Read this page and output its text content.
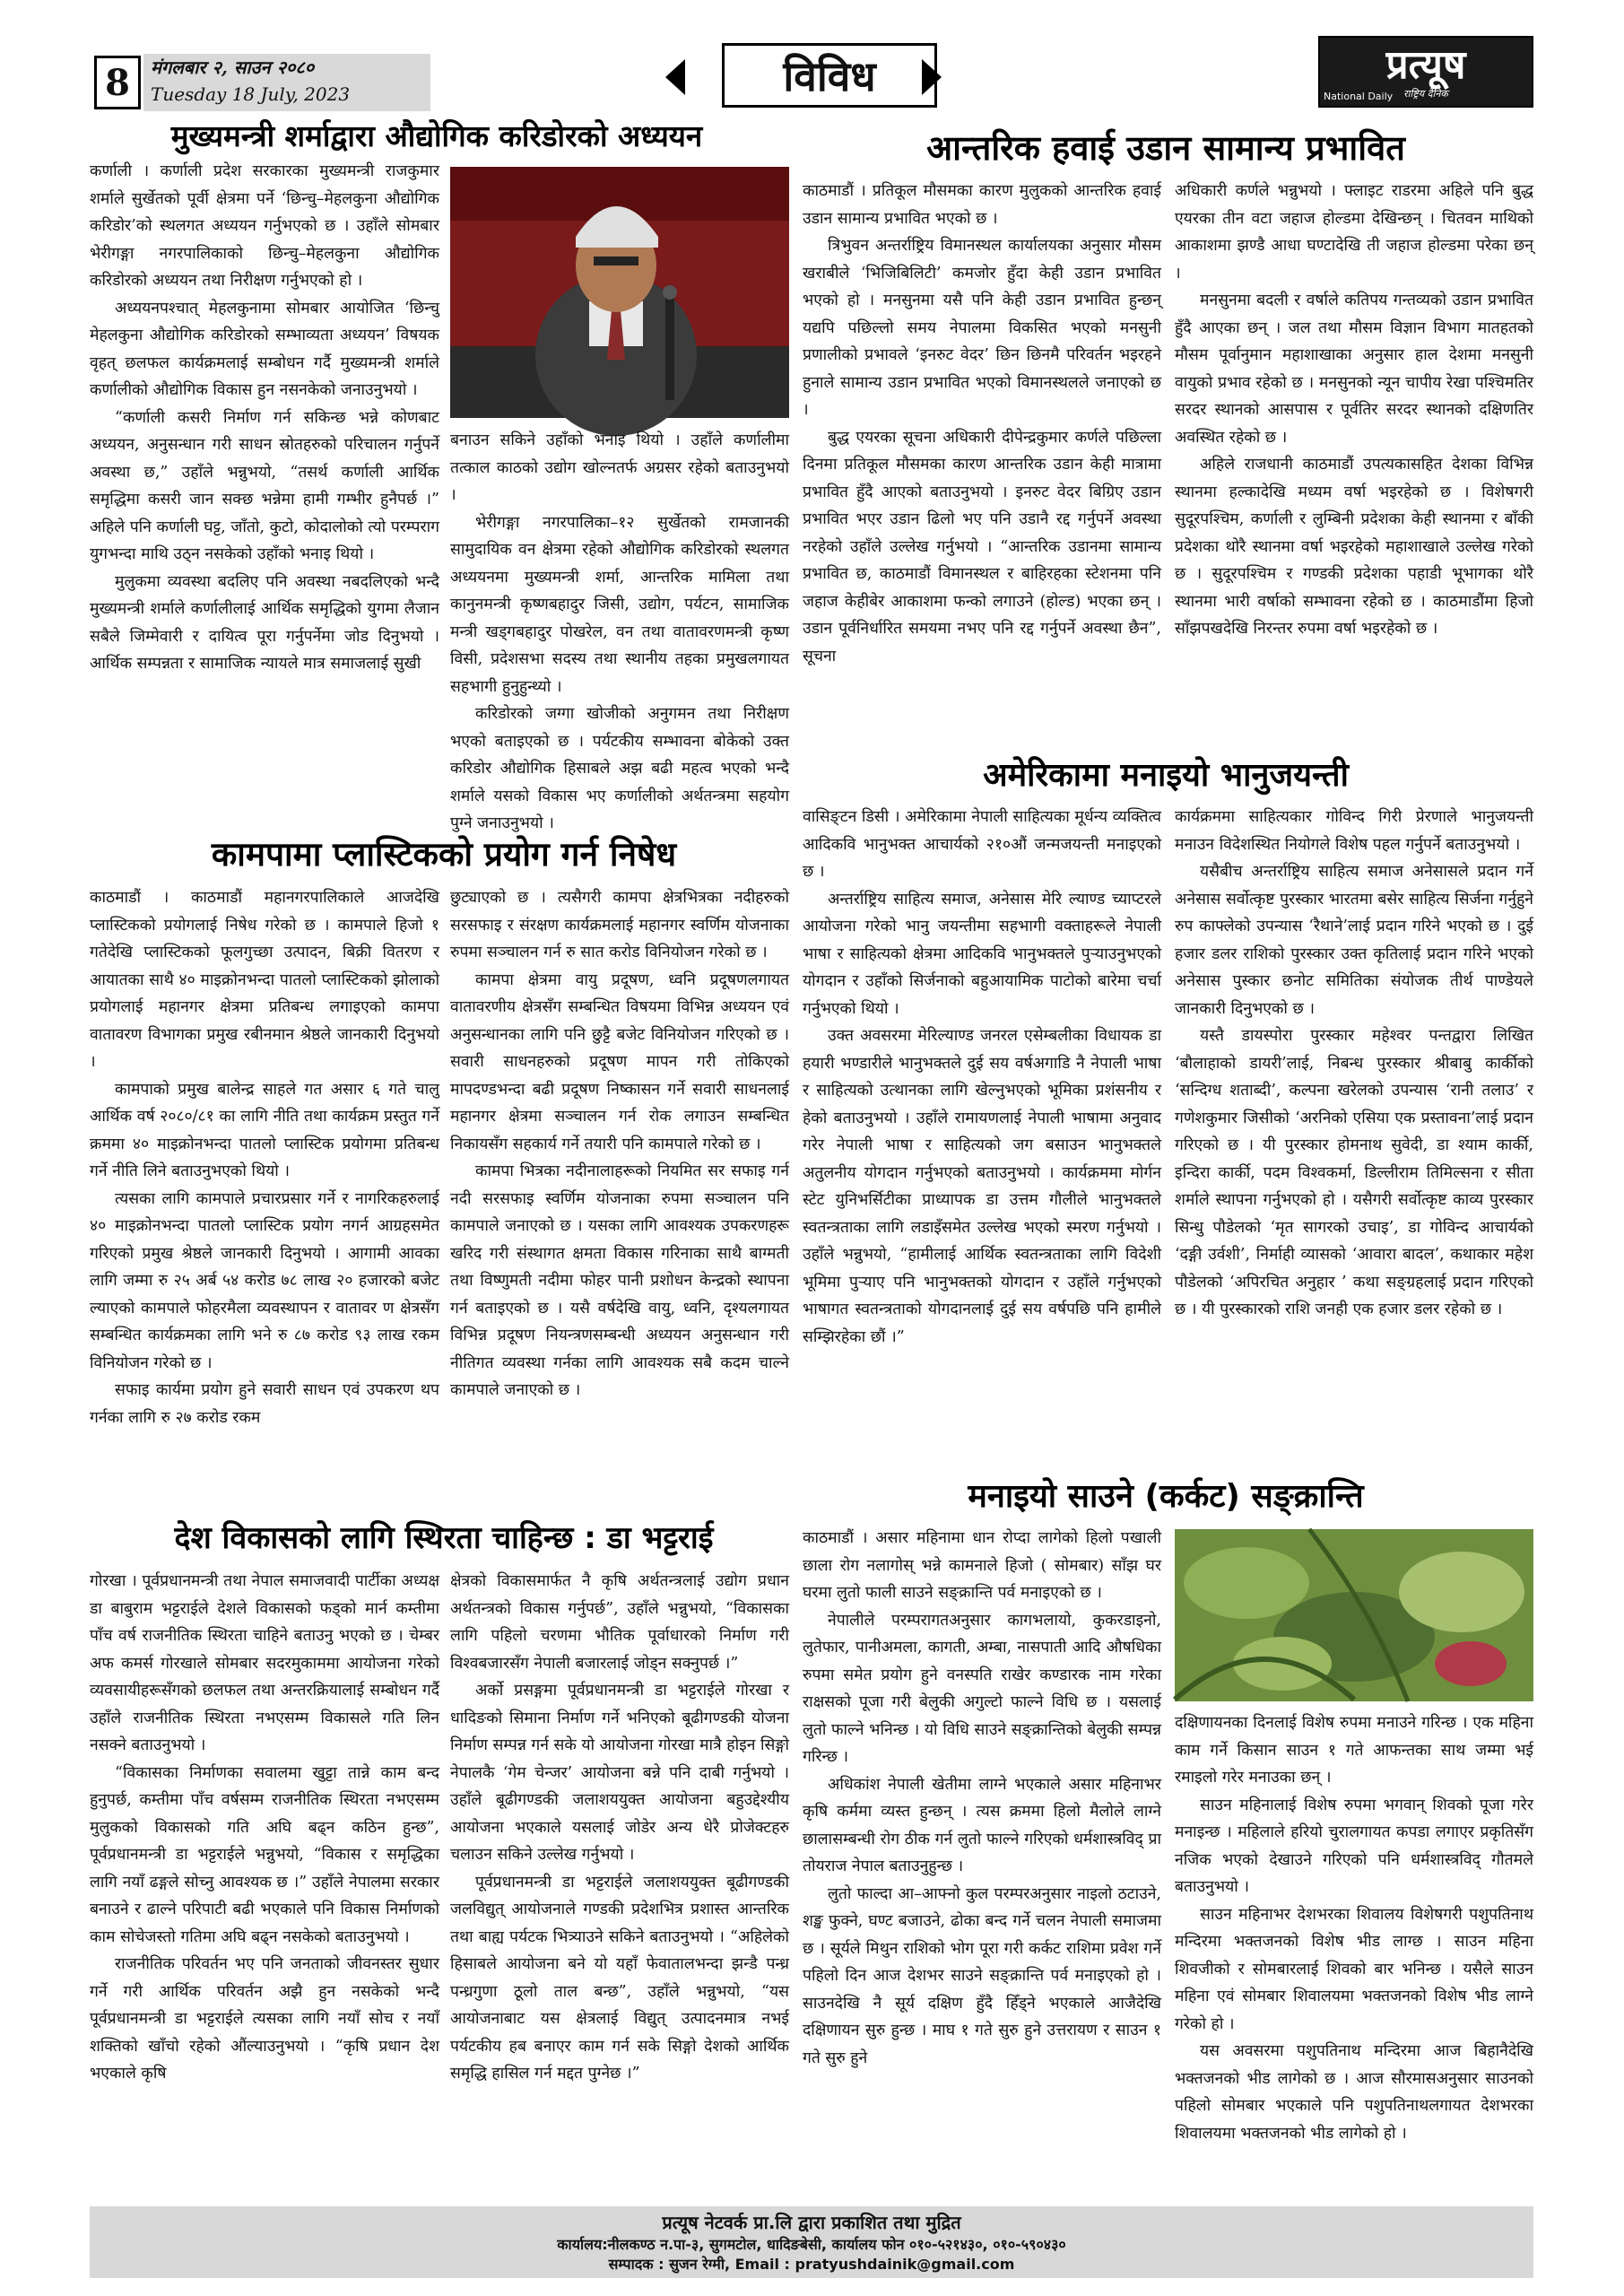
8	मंगलबार २, साउन २०८०
Tuesday 18 July, 2023	विविध	प्रत्यूष
राष्ट्रिय दैनिक
National Daily
मुख्यमन्त्री शर्माद्वारा औद्योगिक करिडोरको अध्ययन

कर्णाली । कर्णाली प्रदेश सरकारका मुख्यमन्त्री राजकुमार शर्माले सुर्खेतको पूर्वी क्षेत्रमा पर्ने ‘छिन्चु–मेहलकुना औद्योगिक करिडोर’को स्थलगत अध्ययन गर्नुभएको छ । उहाँले सोमबार भेरीगङ्गा नगरपालिकाको छिन्चु–मेहलकुना औद्योगिक करिडोरको अध्ययन तथा निरीक्षण गर्नुभएको हो ।

अध्ययनपश्चात् मेहलकुनामा सोमबार आयोजित ‘छिन्चु मेहलकुना औद्योगिक करिडोरको सम्भाव्यता अध्ययन’ विषयक वृहत् छलफल कार्यक्रमलाई सम्बोधन गर्दै मुख्यमन्त्री शर्माले कर्णालीको औद्योगिक विकास हुन नसनकेको जनाउनुभयो ।

“कर्णाली कसरी निर्माण गर्न सकिन्छ भन्ने कोणबाट अध्ययन, अनुसन्धान गरी साधन स्रोतहरुको परिचालन गर्नुपर्ने अवस्था छ,” उहाँले भन्नुभयो, “तसर्थ कर्णाली आर्थिक समृद्धिमा कसरी जान सक्छ भन्नेमा हामी गम्भीर हुनैपर्छ ।” अहिले पनि कर्णाली घट्ट, जाँतो, कुटो, कोदालोको त्यो परम्पराग युगभन्दा माथि उठ्न नसकेको उहाँको भनाइ थियो ।

मुलुकमा व्यवस्था बदलिए पनि अवस्था नबदलिएको भन्दै मुख्यमन्त्री शर्माले कर्णालीलाई आर्थिक समृद्धिको युगमा लैजान सबैले जिम्मेवारी र दायित्व पूरा गर्नुपर्नेमा जोड दिनुभयो । आर्थिक सम्पन्नता र सामाजिक न्यायले मात्र समाजलाई सुखी

बनाउन सकिने उहाँको भनाइ थियो । उहाँले कर्णालीमा तत्काल काठको उद्योग खोल्नतर्फ अग्रसर रहेको बताउनुभयो ।

भेरीगङ्गा नगरपालिका–१२ सुर्खेतको रामजानकी सामुदायिक वन क्षेत्रमा रहेको औद्योगिक करिडोरको स्थलगत अध्ययनमा मुख्यमन्त्री शर्मा, आन्तरिक मामिला तथा कानुनमन्त्री कृष्णबहादुर जिसी, उद्योग, पर्यटन, सामाजिक मन्त्री खड्गबहादुर पोखरेल, वन तथा वातावरणमन्त्री कृष्ण विसी, प्रदेशसभा सदस्य तथा स्थानीय तहका प्रमुखलगायत सहभागी हुनुहुन्थ्यो ।

करिडोरको जग्गा खोजीको अनुगमन तथा निरीक्षण भएको बताइएको छ । पर्यटकीय सम्भावना बोकेको उक्त करिडोर औद्योगिक हिसाबले अझ बढी महत्व भएको भन्दै शर्माले यसको विकास भए कर्णालीको अर्थतन्त्रमा सहयोग पुग्ने जनाउनुभयो ।

आन्तरिक हवाई उडान सामान्य प्रभावित

काठमाडौं । प्रतिकूल मौसमका कारण मुलुकको आन्तरिक हवाई उडान सामान्य प्रभावित भएको छ ।

त्रिभुवन अन्तर्राष्ट्रिय विमानस्थल कार्यालयका अनुसार मौसम खराबीले ‘भिजिबिलिटी’ कमजोर हुँदा केही उडान प्रभावित भएको हो । मनसुनमा यसै पनि केही उडान प्रभावित हुन्छन् यद्यपि पछिल्लो समय नेपालमा विकसित भएको मनसुनी प्रणालीको प्रभावले ‘इनरुट वेदर’ छिन छिनमै परिवर्तन भइरहने हुनाले सामान्य उडान प्रभावित भएको विमानस्थलले जनाएको छ ।

बुद्ध एयरका सूचना अधिकारी दीपेन्द्रकुमार कर्णले पछिल्ला दिनमा प्रतिकूल मौसमका कारण आन्तरिक उडान केही मात्रामा प्रभावित हुँदै आएको बताउनुभयो । इनरुट वेदर बिग्रिए उडान प्रभावित भएर उडान ढिलो भए पनि उडानै रद्द गर्नुपर्ने अवस्था नरहेको उहाँले उल्लेख गर्नुभयो । “आन्तरिक उडानमा सामान्य प्रभावित छ, काठमाडौं विमानस्थल र बाहिरहका स्टेशनमा पनि जहाज केहीबेर आकाशमा फन्को लगाउने (होल्ड) भएका छन् । उडान पूर्वनिर्धारित समयमा नभए पनि रद्द गर्नुपर्ने अवस्था छैन”, सूचना

अधिकारी कर्णले भन्नुभयो । फ्लाइट राडरमा अहिले पनि बुद्ध एयरका तीन वटा जहाज होल्डमा देखिन्छन् । चितवन माथिको आकाशमा झण्डै आधा घण्टादेखि ती जहाज होल्डमा परेका छन् ।

मनसुनमा बदली र वर्षाले कतिपय गन्तव्यको उडान प्रभावित हुँदै आएका छन् । जल तथा मौसम विज्ञान विभाग मातहतको मौसम पूर्वानुमान महाशाखाका अनुसार हाल देशमा मनसुनी वायुको प्रभाव रहेको छ । मनसुनको न्यून चापीय रेखा पश्चिमतिर सरदर स्थानको आसपास र पूर्वतिर सरदर स्थानको दक्षिणतिर अवस्थित रहेको छ ।

अहिले राजधानी काठमाडौं उपत्यकासहित देशका विभिन्न स्थानमा हल्कादेखि मध्यम वर्षा भइरहेको छ । विशेषगरी सुदूरपश्चिम, कर्णाली र लुम्बिनी प्रदेशका केही स्थानमा र बाँकी प्रदेशका थोरै स्थानमा वर्षा भइरहेको महाशाखाले उल्लेख गरेको छ । सुदूरपश्चिम र गण्डकी प्रदेशका पहाडी भूभागका थोरै स्थानमा भारी वर्षाको सम्भावना रहेको छ । काठमाडौंमा हिजो साँझपखदेखि निरन्तर रुपमा वर्षा भइरहेको छ ।

कामपामा प्लास्टिकको प्रयोग गर्न निषेध

काठमाडौं । काठमाडौं महानगरपालिकाले आजदेखि प्लास्टिकको प्रयोगलाई निषेध गरेको छ । कामपाले हिजो १ गतेदेखि प्लास्टिकको फूलगुच्छा उत्पादन, बिक्री वितरण र आयातका साथै ४० माइक्रोनभन्दा पातलो प्लास्टिकको झोलाको प्रयोगलाई महानगर क्षेत्रमा प्रतिबन्ध लगाइएको कामपा वातावरण विभागका प्रमुख रबीनमान श्रेष्ठले जानकारी दिनुभयो ।

कामपाको प्रमुख बालेन्द्र साहले गत असार ६ गते चालु आर्थिक वर्ष २०८०/८१ का लागि नीति तथा कार्यक्रम प्रस्तुत गर्ने क्रममा ४० माइक्रोनभन्दा पातलो प्लास्टिक प्रयोगमा प्रतिबन्ध गर्ने नीति लिने बताउनुभएको थियो ।

त्यसका लागि कामपाले प्रचारप्रसार गर्ने र नागरिकहरुलाई ४० माइक्रोनभन्दा पातलो प्लास्टिक प्रयोग नगर्न आग्रहसमेत गरिएको प्रमुख श्रेष्ठले जानकारी दिनुभयो । आगामी आवका लागि जम्मा रु २५ अर्ब ५४ करोड ७८ लाख २० हजारको बजेट ल्याएको कामपाले फोहरमैला व्यवस्थापन र वातावर ण क्षेत्रसँग सम्बन्धित कार्यक्रमका लागि भने रु ८७ करोड ९३ लाख रकम विनियोजन गरेको छ ।

सफाइ कार्यमा प्रयोग हुने सवारी साधन एवं उपकरण थप गर्नका लागि रु २७ करोड रकम

छुट्याएको छ । त्यसैगरी कामपा क्षेत्रभित्रका नदीहरुको सरसफाइ र संरक्षण कार्यक्रमलाई महानगर स्वर्णिम योजनाका रुपमा सञ्चालन गर्न रु सात करोड विनियोजन गरेको छ ।

कामपा क्षेत्रमा वायु प्रदूषण, ध्वनि प्रदूषणलगायत वातावरणीय क्षेत्रसँग सम्बन्धित विषयमा विभिन्न अध्ययन एवं अनुसन्धानका लागि पनि छुट्टै बजेट विनियोजन गरिएको छ । सवारी साधनहरुको प्रदूषण मापन गरी तोकिएको मापदण्डभन्दा बढी प्रदूषण निष्कासन गर्ने सवारी साधनलाई महानगर क्षेत्रमा सञ्चालन गर्न रोक लगाउन सम्बन्धित निकायसँग सहकार्य गर्ने तयारी पनि कामपाले गरेको छ ।

कामपा भित्रका नदीनालाहरूको नियमित सर सफाइ गर्न नदी सरसफाइ स्वर्णिम योजनाका रुपमा सञ्चालन पनि कामपाले जनाएको छ । यसका लागि आवश्यक उपकरणहरू खरिद गरी संस्थागत क्षमता विकास गरिनाका साथै बाग्मती तथा विष्णुमती नदीमा फोहर पानी प्रशोधन केन्द्रको स्थापना गर्न बताइएको छ । यसै वर्षदेखि वायु, ध्वनि, दृश्यलगायत विभिन्न प्रदूषण नियन्त्रणसम्बन्धी अध्ययन अनुसन्धान गरी नीतिगत व्यवस्था गर्नका लागि आवश्यक सबै कदम चाल्ने कामपाले जनाएको छ ।

अमेरिकामा मनाइयो भानुजयन्ती

वासिङ्टन डिसी । अमेरिकामा नेपाली साहित्यका मूर्धन्य व्यक्तित्व आदिकवि भानुभक्त आचार्यको २१०औं जन्मजयन्ती मनाइएको छ ।

अन्तर्राष्ट्रिय साहित्य समाज, अनेसास मेरि ल्याण्ड च्याप्टरले आयोजना गरेको भानु जयन्तीमा सहभागी वक्ताहरूले नेपाली भाषा र साहित्यको क्षेत्रमा आदिकवि भानुभक्तले पुऱ्याउनुभएको योगदान र उहाँको सिर्जनाको बहुआयामिक पाटोको बारेमा चर्चा गर्नुभएको थियो ।

उक्त अवसरमा मेरिल्याण्ड जनरल एसेम्बलीका विधायक डा हयारी भण्डारीले भानुभक्तले दुई सय वर्षअगाडि नै नेपाली भाषा र साहित्यको उत्थानका लागि खेल्नुभएको भूमिका प्रशंसनीय र हेको बताउनुभयो । उहाँले रामायणलाई नेपाली भाषामा अनुवाद गरेर नेपाली भाषा र साहित्यको जग बसाउन भानुभक्तले अतुलनीय योगदान गर्नुभएको बताउनुभयो । कार्यक्रममा मोर्गन स्टेट युनिभर्सिटीका प्राध्यापक डा उत्तम गौलीले भानुभक्तले स्वतन्त्रताका लागि लडाइँसमेत उल्लेख भएको स्मरण गर्नुभयो । उहाँले भन्नुभयो, “हामीलाई आर्थिक स्वतन्त्रताका लागि विदेशी भूमिमा पुऱ्याए पनि भानुभक्तको योगदान र उहाँले गर्नुभएको भाषागत स्वतन्त्रताको योगदानलाई दुई सय वर्षपछि पनि हामीले सम्झिरहेका छौं ।”

कार्यक्रममा साहित्यकार गोविन्द गिरी प्रेरणाले भानुजयन्ती मनाउन विदेशस्थित नियोगले विशेष पहल गर्नुपर्ने बताउनुभयो ।

यसैबीच अन्तर्राष्ट्रिय साहित्य समाज अनेसासले प्रदान गर्ने अनेसास सर्वोत्कृष्ट पुरस्कार भारतमा बसेर साहित्य सिर्जना गर्नुहुने रुप काफ्लेको उपन्यास ‘रैथाने’लाई प्रदान गरिने भएको छ । दुई हजार डलर राशिको पुरस्कार उक्त कृतिलाई प्रदान गरिने भएको अनेसास पुस्कार छनोट समितिका संयोजक तीर्थ पाण्डेयले जानकारी दिनुभएको छ ।

यस्तै डायस्पोरा पुरस्कार महेश्वर पन्तद्वारा लिखित ‘बौलाहाको डायरी’लाई, निबन्ध पुरस्कार श्रीबाबु कार्कीको ‘सन्दिग्ध शताब्दी’, कल्पना खरेलको उपन्यास ‘रानी तलाउ’ र गणेशकुमार जिसीको ‘अरनिको एसिया एक प्रस्तावना’लाई प्रदान गरिएको छ । यी पुरस्कार होमनाथ सुवेदी, डा श्याम कार्की, इन्दिरा कार्की, पदम विश्वकर्मा, डिल्लीराम तिमिल्सना र सीता शर्माले स्थापना गर्नुभएको हो । यसैगरी सर्वोत्कृष्ट काव्य पुरस्कार सिन्धु पौडेलको ‘मृत सागरको उचाइ’, डा गोविन्द आचार्यको ‘दङ्गी उर्वशी’, निर्माही व्यासको ‘आवारा बादल’, कथाकार महेश पौडेलको ‘अपिरचित अनुहार ’ कथा सङ्ग्रहलाई प्रदान गरिएको छ । यी पुरस्कारको राशि जनही एक हजार डलर रहेको छ ।

देश विकासको लागि स्थिरता चाहिन्छ : डा भट्टराई

गोरखा । पूर्वप्रधानमन्त्री तथा नेपाल समाजवादी पार्टीका अध्यक्ष डा बाबुराम भट्टराईले देशले विकासको फड्को मार्न कम्तीमा पाँच वर्ष राजनीतिक स्थिरता चाहिने बताउनु भएको छ । चेम्बर अफ कमर्स गोरखाले सोमबार सदरमुकाममा आयोजना गरेको व्यवसायीहरूसँगको छलफल तथा अन्तरक्रियालाई सम्बोधन गर्दै उहाँले राजनीतिक स्थिरता नभएसम्म विकासले गति लिन नसक्ने बताउनुभयो ।

“विकासका निर्माणका सवालमा खुट्टा तान्ने काम बन्द हुनुपर्छ, कम्तीमा पाँच वर्षसम्म राजनीतिक स्थिरता नभएसम्म मुलुकको विकासको गति अघि बढ्न कठिन हुन्छ”, पूर्वप्रधानमन्त्री डा भट्टराईले भन्नुभयो, “विकास र समृद्धिका लागि नयाँ ढङ्गले सोच्नु आवश्यक छ ।” उहाँले नेपालमा सरकार बनाउने र ढाल्ने परिपाटी बढी भएकाले पनि विकास निर्माणको काम सोचेजस्तो गतिमा अघि बढ्न नसकेको बताउनुभयो ।

राजनीतिक परिवर्तन भए पनि जनताको जीवनस्तर सुधार गर्ने गरी आर्थिक परिवर्तन अझै हुन नसकेको भन्दै पूर्वप्रधानमन्त्री डा भट्टराईले त्यसका लागि नयाँ सोच र नयाँ शक्तिको खाँचो रहेको औंल्याउनुभयो । “कृषि प्रधान देश भएकाले कृषि

क्षेत्रको विकासमार्फत नै कृषि अर्थतन्त्रलाई उद्योग प्रधान अर्थतन्त्रको विकास गर्नुपर्छ”, उहाँले भन्नुभयो, “विकासका लागि पहिलो चरणमा भौतिक पूर्वाधारको निर्माण गरी विश्वबजारसँग नेपाली बजारलाई जोड्न सक्नुपर्छ ।”

अर्को प्रसङ्गमा पूर्वप्रधानमन्त्री डा भट्टराईले गोरखा र धादिङको सिमाना निर्माण गर्ने भनिएको बूढीगण्डकी योजना निर्माण सम्पन्न गर्न सके यो आयोजना गोरखा मात्रै होइन सिङ्गो नेपालकै ‘गेम चेन्जर’ आयोजना बन्ने पनि दाबी गर्नुभयो । उहाँले बूढीगण्डकी जलाशययुक्त आयोजना बहुउद्देश्यीय आयोजना भएकाले यसलाई जोडेर अन्य धेरै प्रोजेक्टहरु चलाउन सकिने उल्लेख गर्नुभयो ।

पूर्वप्रधानमन्त्री डा भट्टराईले जलाशययुक्त बूढीगण्डकी जलविद्युत् आयोजनाले गण्डकी प्रदेशभित्र प्रशास्त आन्तरिक तथा बाह्य पर्यटक भित्र्याउने सकिने बताउनुभयो । “अहिलेको हिसाबले आयोजना बने यो यहाँ फेवातालभन्दा झन्डै पन्ध्र पन्ध्रगुणा ठूलो ताल बन्छ”, उहाँले भन्नुभयो, “यस आयोजनाबाट यस क्षेत्रलाई विद्युत् उत्पादनमात्र नभई पर्यटकीय हब बनाएर काम गर्न सके सिङ्गो देशको आर्थिक समृद्धि हासिल गर्न मद्दत पुग्नेछ ।”

मनाइयो साउने (कर्कट) सङ्क्रान्ति

काठमाडौं । असार महिनामा धान रोप्दा लागेको हिलो पखाली छाला रोग नलागोस् भन्ने कामनाले हिजो ( सोमबार) साँझ घर घरमा लुतो फाली साउने सङ्क्रान्ति पर्व मनाइएको छ ।

नेपालीले परम्परागतअनुसार कागभलायो, कुकरडाइनो, लुतेफार, पानीअमला, कागती, अम्बा, नासपाती आदि औषधिका रुपमा समेत प्रयोग हुने वनस्पति राखेर कण्डारक नाम गरेका राक्षसको पूजा गरी बेलुकी अगुल्टो फाल्ने विधि छ । यसलाई लुतो फाल्ने भनिन्छ । यो विधि साउने सङ्क्रान्तिको बेलुकी सम्पन्न गरिन्छ ।

अधिकांश नेपाली खेतीमा लाग्ने भएकाले असार महिनाभर कृषि कर्ममा व्यस्त हुन्छन् । त्यस क्रममा हिलो मैलोले लाग्ने छालासम्बन्धी रोग ठीक गर्न लुतो फाल्ने गरिएको धर्मशास्त्रविद् प्रा तोयराज नेपाल बताउनुहुन्छ ।

लुतो फाल्दा आ–आफ्नो कुल परम्परअनुसार नाइलो ठटाउने, शङ्ख फुक्ने, घण्ट बजाउने, ढोका बन्द गर्ने चलन नेपाली समाजमा छ । सूर्यले मिथुन राशिको भोग पूरा गरी कर्कट राशिमा प्रवेश गर्ने पहिलो दिन आज देशभर साउने सङ्क्रान्ति पर्व मनाइएको हो । साउनदेखि नै सूर्य दक्षिण हुँदै हिँड्ने भएकाले आजैदेखि दक्षिणायन सुरु हुन्छ । माघ १ गते सुरु हुने उत्तरायण र साउन १ गते सुरु हुने

दक्षिणायनका दिनलाई विशेष रुपमा मनाउने गरिन्छ । एक महिना काम गर्ने किसान साउन १ गते आफन्तका साथ जम्मा भई रमाइलो गरेर मनाउका छन् ।

साउन महिनालाई विशेष रुपमा भगवान् शिवको पूजा गरेर मनाइन्छ । महिलाले हरियो चुरालगायत कपडा लगाएर प्रकृतिसँग नजिक भएको देखाउने गरिएको पनि धर्मशास्त्रविद् गौतमले बताउनुभयो ।

साउन महिनाभर देशभरका शिवालय विशेषगरी पशुपतिनाथ मन्दिरमा भक्तजनको विशेष भीड लाग्छ । साउन महिना शिवजीको र सोमबारलाई शिवको बार भनिन्छ । यसैले साउन महिना एवं सोमबार शिवालयमा भक्तजनको विशेष भीड लाग्ने गरेको हो ।

यस अवसरमा पशुपतिनाथ मन्दिरमा आज बिहानैदेखि भक्तजनको भीड लागेको छ । आज सौरमासअनुसार साउनको पहिलो सोमबार भएकाले पनि पशुपतिनाथलगायत देशभरका शिवालयमा भक्तजनको भीड लागेको हो ।

प्रत्यूष नेटवर्क प्रा.लि द्वारा प्रकाशित तथा मुद्रित
कार्यालय:नीलकण्ठ न.पा-३, सुगमटोल, धादिङबेसी, कार्यालय फोन ०१०-५२१४३०, ०१०-५९०४३०
सम्पादक : सुजन रेग्मी, Email : pratyushdainik@gmail.com
